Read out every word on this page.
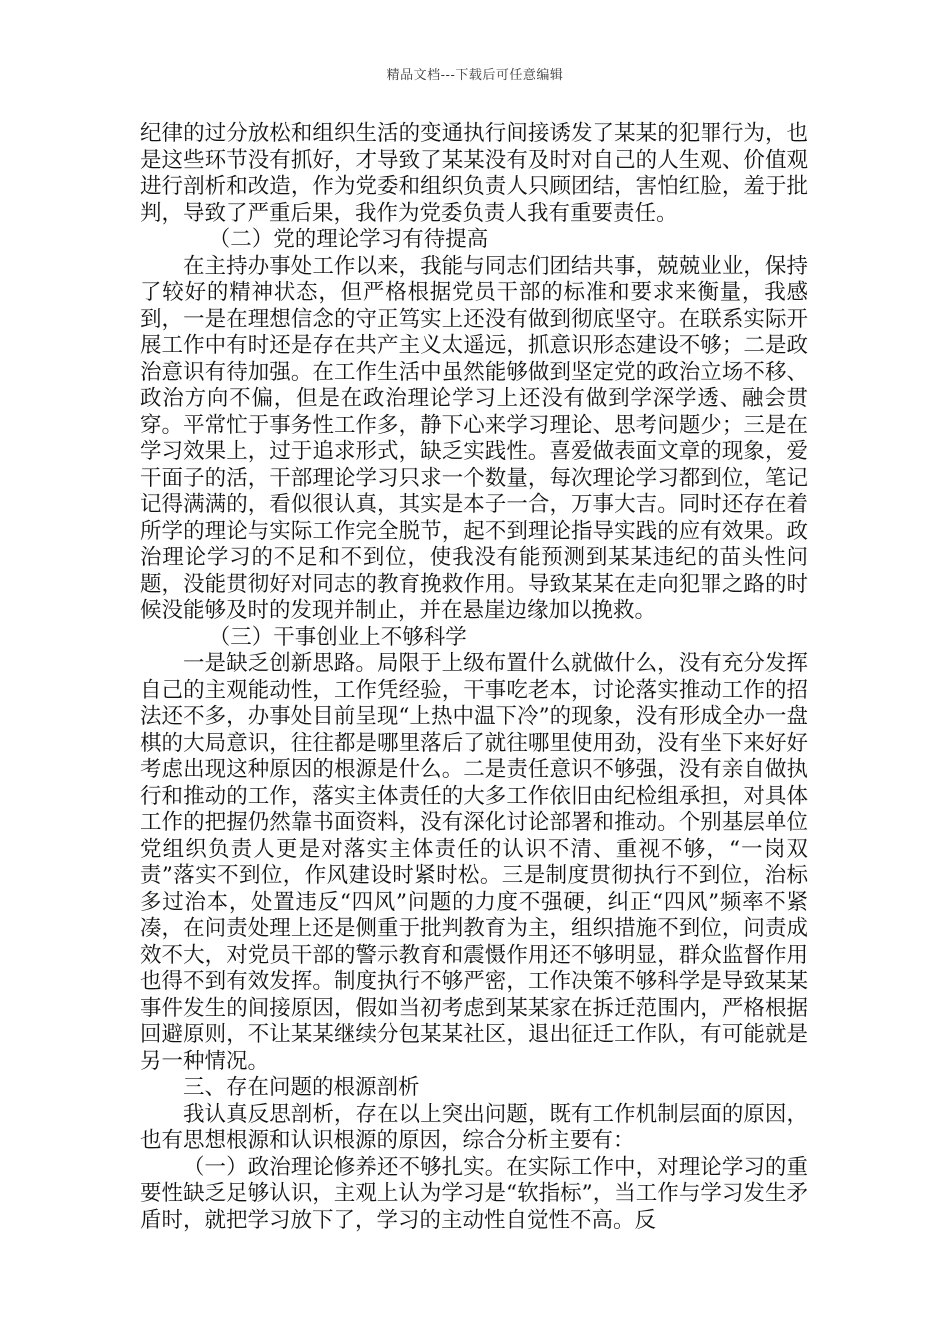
精品文档---下载后可任意编辑

纪律的过分放松和组织生活的变通执行间接诱发了某某的犯罪行为，也是这些环节没有抓好，才导致了某某没有及时对自己的人生观、价值观进行剖析和改造，作为党委和组织负责人只顾团结，害怕红脸，羞于批判，导致了严重后果，我作为党委负责人我有重要责任。

（二）党的理论学习有待提高

在主持办事处工作以来，我能与同志们团结共事，兢兢业业，保持了较好的精神状态，但严格根据党员干部的标准和要求来衡量，我感到，一是在理想信念的守正笃实上还没有做到彻底坚守。在联系实际开展工作中有时还是存在共产主义太遥远，抓意识形态建设不够；二是政治意识有待加强。在工作生活中虽然能够做到坚定党的政治立场不移、政治方向不偏，但是在政治理论学习上还没有做到学深学透、融会贯穿。平常忙于事务性工作多，静下心来学习理论、思考问题少；三是在学习效果上，过于追求形式，缺乏实践性。喜爱做表面文章的现象，爱干面子的活，干部理论学习只求一个数量，每次理论学习都到位，笔记记得满满的，看似很认真，其实是本子一合，万事大吉。同时还存在着所学的理论与实际工作完全脱节，起不到理论指导实践的应有效果。政治理论学习的不足和不到位，使我没有能预测到某某违纪的苗头性问题，没能贯彻好对同志的教育挽救作用。导致某某在走向犯罪之路的时候没能够及时的发现并制止，并在悬崖边缘加以挽救。

（三）干事创业上不够科学

一是缺乏创新思路。局限于上级布置什么就做什么，没有充分发挥自己的主观能动性，工作凭经验，干事吃老本，讨论落实推动工作的招法还不多，办事处目前呈现“上热中温下冷”的现象，没有形成全办一盘棋的大局意识，往往都是哪里落后了就往哪里使用劲，没有坐下来好好考虑出现这种原因的根源是什么。二是责任意识不够强，没有亲自做执行和推动的工作，落实主体责任的大多工作依旧由纪检组承担，对具体工作的把握仍然靠书面资料，没有深化讨论部署和推动。个别基层单位党组织负责人更是对落实主体责任的认识不清、重视不够，“一岗双责”落实不到位，作风建设时紧时松。三是制度贯彻执行不到位，治标多过治本，处置违反“四风”问题的力度不强硬，纠正“四风”频率不紧凑，在问责处理上还是侧重于批判教育为主，组织措施不到位，问责成效不大，对党员干部的警示教育和震慑作用还不够明显，群众监督作用也得不到有效发挥。制度执行不够严密，工作决策不够科学是导致某某事件发生的间接原因，假如当初考虑到某某家在拆迁范围内，严格根据回避原则，不让某某继续分包某某社区，退出征迁工作队，有可能就是另一种情况。

三、存在问题的根源剖析

我认真反思剖析，存在以上突出问题，既有工作机制层面的原因，也有思想根源和认识根源的原因，综合分析主要有：

（一）政治理论修养还不够扎实。在实际工作中，对理论学习的重要性缺乏足够认识，主观上认为学习是“软指标”，当工作与学习发生矛盾时，就把学习放下了，学习的主动性自觉性不高。反
